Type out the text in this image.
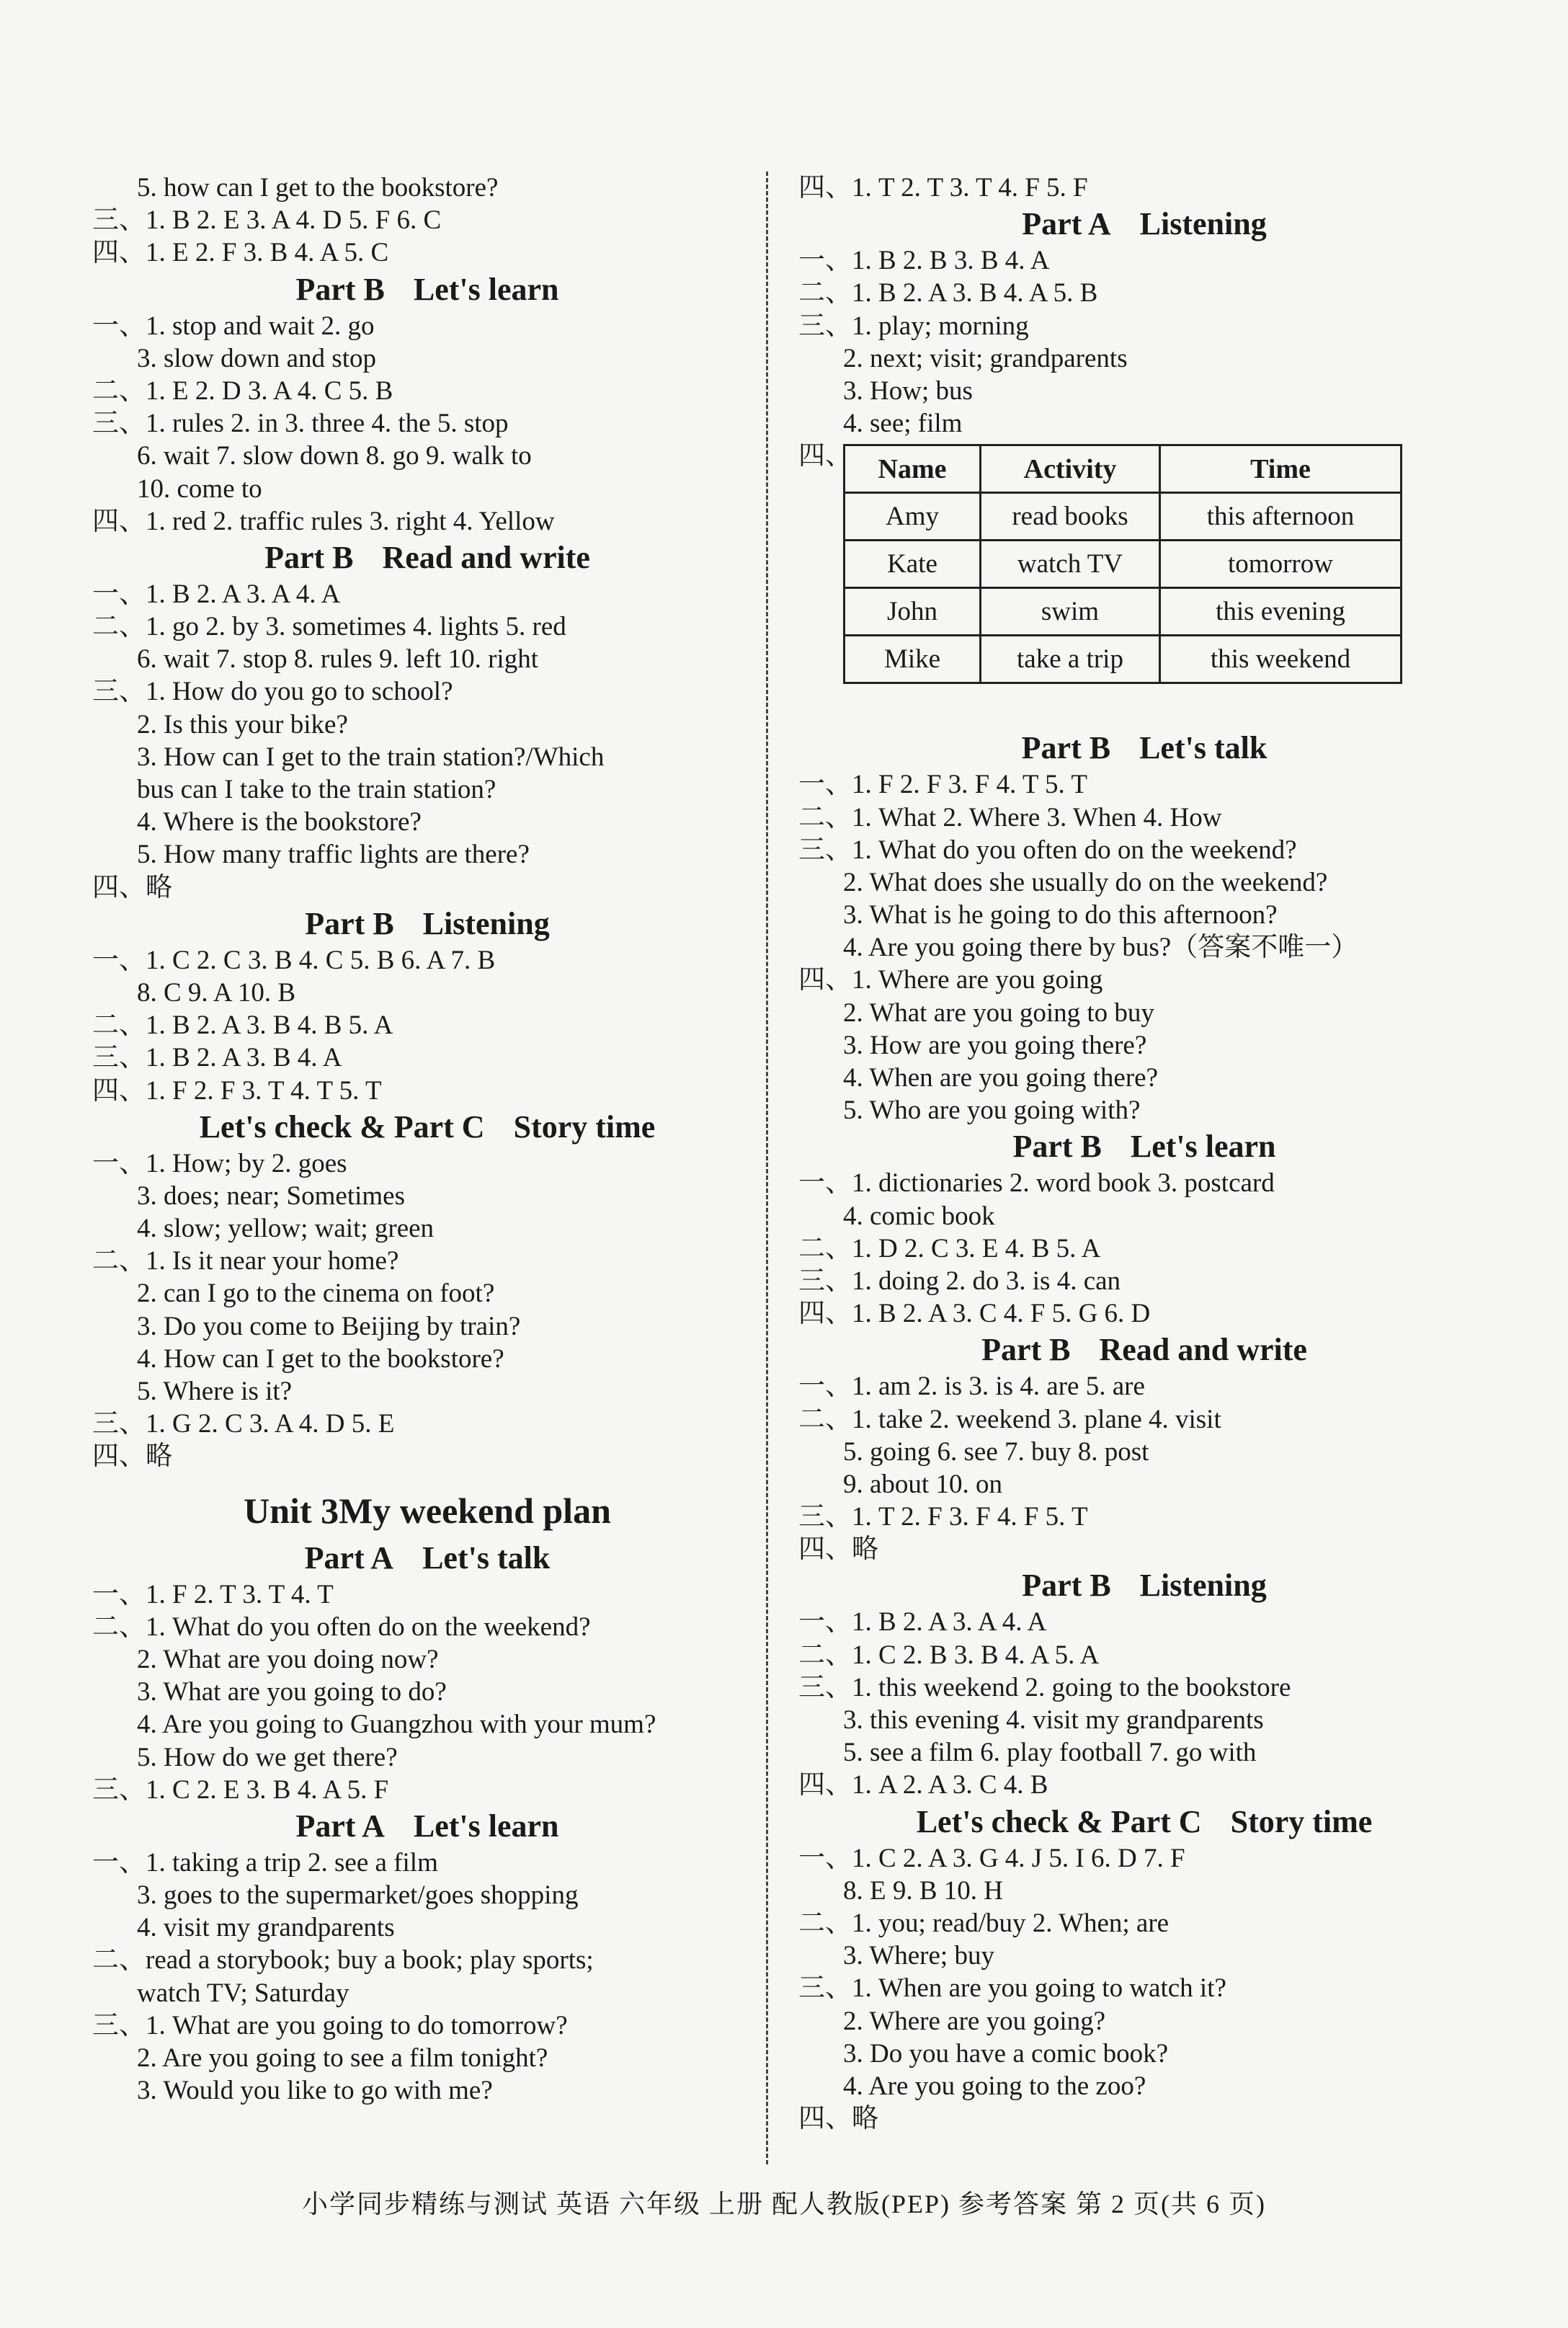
5. how can I get to the bookstore?
三、1. B 2. E 3. A 4. D 5. F 6. C
四、1. E 2. F 3. B 4. A 5. C
Part B Let's learn
一、1. stop and wait 2. go
3. slow down and stop
二、1. E 2. D 3. A 4. C 5. B
三、1. rules 2. in 3. three 4. the 5. stop
6. wait 7. slow down 8. go 9. walk to
10. come to
四、1. red 2. traffic rules 3. right 4. Yellow
Part B Read and write
一、1. B 2. A 3. A 4. A
二、1. go 2. by 3. sometimes 4. lights 5. red
6. wait 7. stop 8. rules 9. left 10. right
三、1. How do you go to school?
2. Is this your bike?
3. How can I get to the train station?/Which
bus can I take to the train station?
4. Where is the bookstore?
5. How many traffic lights are there?
四、略
Part B Listening
一、1. C 2. C 3. B 4. C 5. B 6. A 7. B
8. C 9. A 10. B
二、1. B 2. A 3. B 4. B 5. A
三、1. B 2. A 3. B 4. A
四、1. F 2. F 3. T 4. T 5. T
Let's check & Part C Story time
一、1. How; by 2. goes
3. does; near; Sometimes
4. slow; yellow; wait; green
二、1. Is it near your home?
2. can I go to the cinema on foot?
3. Do you come to Beijing by train?
4. How can I get to the bookstore?
5. Where is it?
三、1. G 2. C 3. A 4. D 5. E
四、略
Unit 3My weekend plan
Part A Let's talk
一、1. F 2. T 3. T 4. T
二、1. What do you often do on the weekend?
2. What are you doing now?
3. What are you going to do?
4. Are you going to Guangzhou with your mum?
5. How do we get there?
三、1. C 2. E 3. B 4. A 5. F
Part A Let's learn
一、1. taking a trip 2. see a film
3. goes to the supermarket/goes shopping
4. visit my grandparents
二、read a storybook; buy a book; play sports;
watch TV; Saturday
三、1. What are you going to do tomorrow?
2. Are you going to see a film tonight?
3. Would you like to go with me?
四、1. T 2. T 3. T 4. F 5. F
Part A Listening
一、1. B 2. B 3. B 4. A
二、1. B 2. A 3. B 4. A 5. B
三、1. play; morning
2. next; visit; grandparents
3. How; bus
4. see; film
四、 Name	Activity	Time
Amy	read books	this afternoon
Kate	watch TV	tomorrow
John	swim	this evening
Mike	take a trip	this weekend
Part B Let's talk
一、1. F 2. F 3. F 4. T 5. T
二、1. What 2. Where 3. When 4. How
三、1. What do you often do on the weekend?
2. What does she usually do on the weekend?
3. What is he going to do this afternoon?
4. Are you going there by bus?（答案不唯一）
四、1. Where are you going
2. What are you going to buy
3. How are you going there?
4. When are you going there?
5. Who are you going with?
Part B Let's learn
一、1. dictionaries 2. word book 3. postcard
4. comic book
二、1. D 2. C 3. E 4. B 5. A
三、1. doing 2. do 3. is 4. can
四、1. B 2. A 3. C 4. F 5. G 6. D
Part B Read and write
一、1. am 2. is 3. is 4. are 5. are
二、1. take 2. weekend 3. plane 4. visit
5. going 6. see 7. buy 8. post
9. about 10. on
三、1. T 2. F 3. F 4. F 5. T
四、略
Part B Listening
一、1. B 2. A 3. A 4. A
二、1. C 2. B 3. B 4. A 5. A
三、1. this weekend 2. going to the bookstore
3. this evening 4. visit my grandparents
5. see a film 6. play football 7. go with
四、1. A 2. A 3. C 4. B
Let's check & Part C Story time
一、1. C 2. A 3. G 4. J 5. I 6. D 7. F
8. E 9. B 10. H
二、1. you; read/buy 2. When; are
3. Where; buy
三、1. When are you going to watch it?
2. Where are you going?
3. Do you have a comic book?
4. Are you going to the zoo?
四、略
小学同步精练与测试 英语 六年级 上册 配人教版(PEP) 参考答案 第 2 页(共 6 页)
